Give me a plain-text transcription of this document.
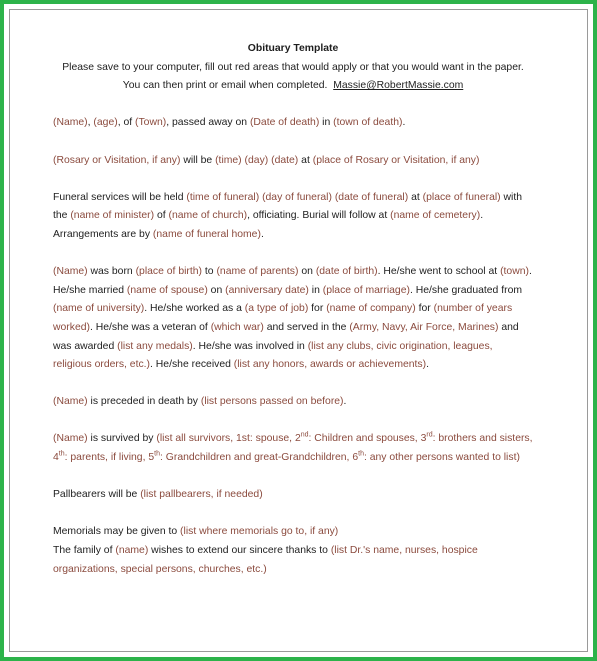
Obituary Template

Please save to your computer, fill out red areas that would apply or that you would want in the paper. You can then print or email when completed. Massie@RobertMassie.com

(Name), (age), of (Town), passed away on (Date of death) in (town of death).

(Rosary or Visitation, if any) will be (time) (day) (date) at (place of Rosary or Visitation, if any)

Funeral services will be held (time of funeral) (day of funeral) (date of funeral) at (place of funeral) with the (name of minister) of (name of church), officiating. Burial will follow at (name of cemetery). Arrangements are by (name of funeral home).

(Name) was born (place of birth) to (name of parents) on (date of birth). He/she went to school at (town). He/she married (name of spouse) on (anniversary date) in (place of marriage). He/she graduated from (name of university). He/she worked as a (a type of job) for (name of company) for (number of years worked). He/she was a veteran of (which war) and served in the (Army, Navy, Air Force, Marines) and was awarded (list any medals). He/she was involved in (list any clubs, civic origination, leagues, religious orders, etc.). He/she received (list any honors, awards or achievements).

(Name) is preceded in death by (list persons passed on before).

(Name) is survived by (list all survivors, 1st: spouse, 2nd: Children and spouses, 3rd: brothers and sisters, 4th: parents, if living, 5th: Grandchildren and great-Grandchildren, 6th: any other persons wanted to list)

Pallbearers will be (list pallbearers, if needed)

Memorials may be given to (list where memorials go to, if any)
The family of (name) wishes to extend our sincere thanks to (list Dr.'s name, nurses, hospice organizations, special persons, churches, etc.)
